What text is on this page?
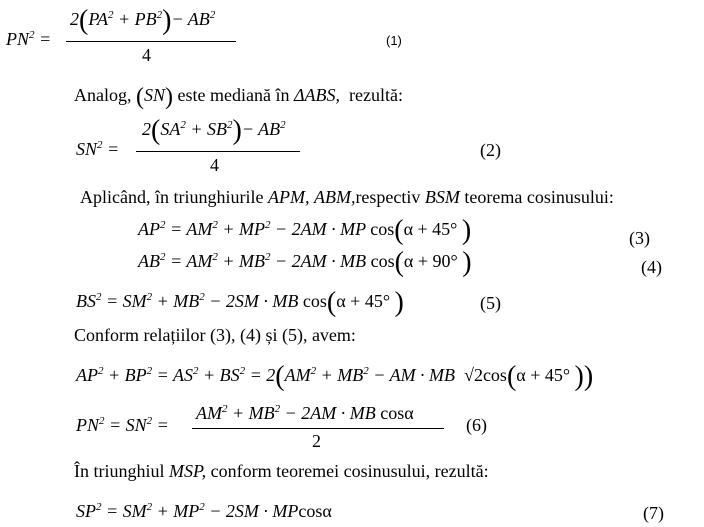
$PN^2$ =
$2(PA^2 + PB^2)- AB^2$
4
(1)
Analog, (SN) este mediană în ΔABS, rezultă:
$SN^2$ =
$2(SA^2 + SB^2)- AB^2$
4
(2)
Aplicând, în triunghiurile APM, ABM,respectiv BSM teorema cosinusului:
$AP^2 = AM^2 + MP^2 - 2AM$ · MP cos(α + 45° )	(3)
$AB^2 = AM^2 + MB^2 - 2AM$ · MB cos(α + 90° )	(4)
$BS^2 = SM^2 + MB^2 - 2SM$ · MB cos(α + 45° )	(5)
Conform relațiilor (3), (4) și (5), avem:
$AP^2 + BP^2 = AS^2 + BS^2 = 2(AM^2 + MB^2$ − AM · MB  √2cos(α + 45° ))
$PN^2 = SN^2$ =
$AM^2 + MB^2 - 2AM$ · MB cosα
2
(6)
În triunghiul MSP, conform teoremei cosinusului, rezultă:
$SP^2 = SM^2 + MP^2 - 2SM \cdot MPcos\alpha$	(7)
